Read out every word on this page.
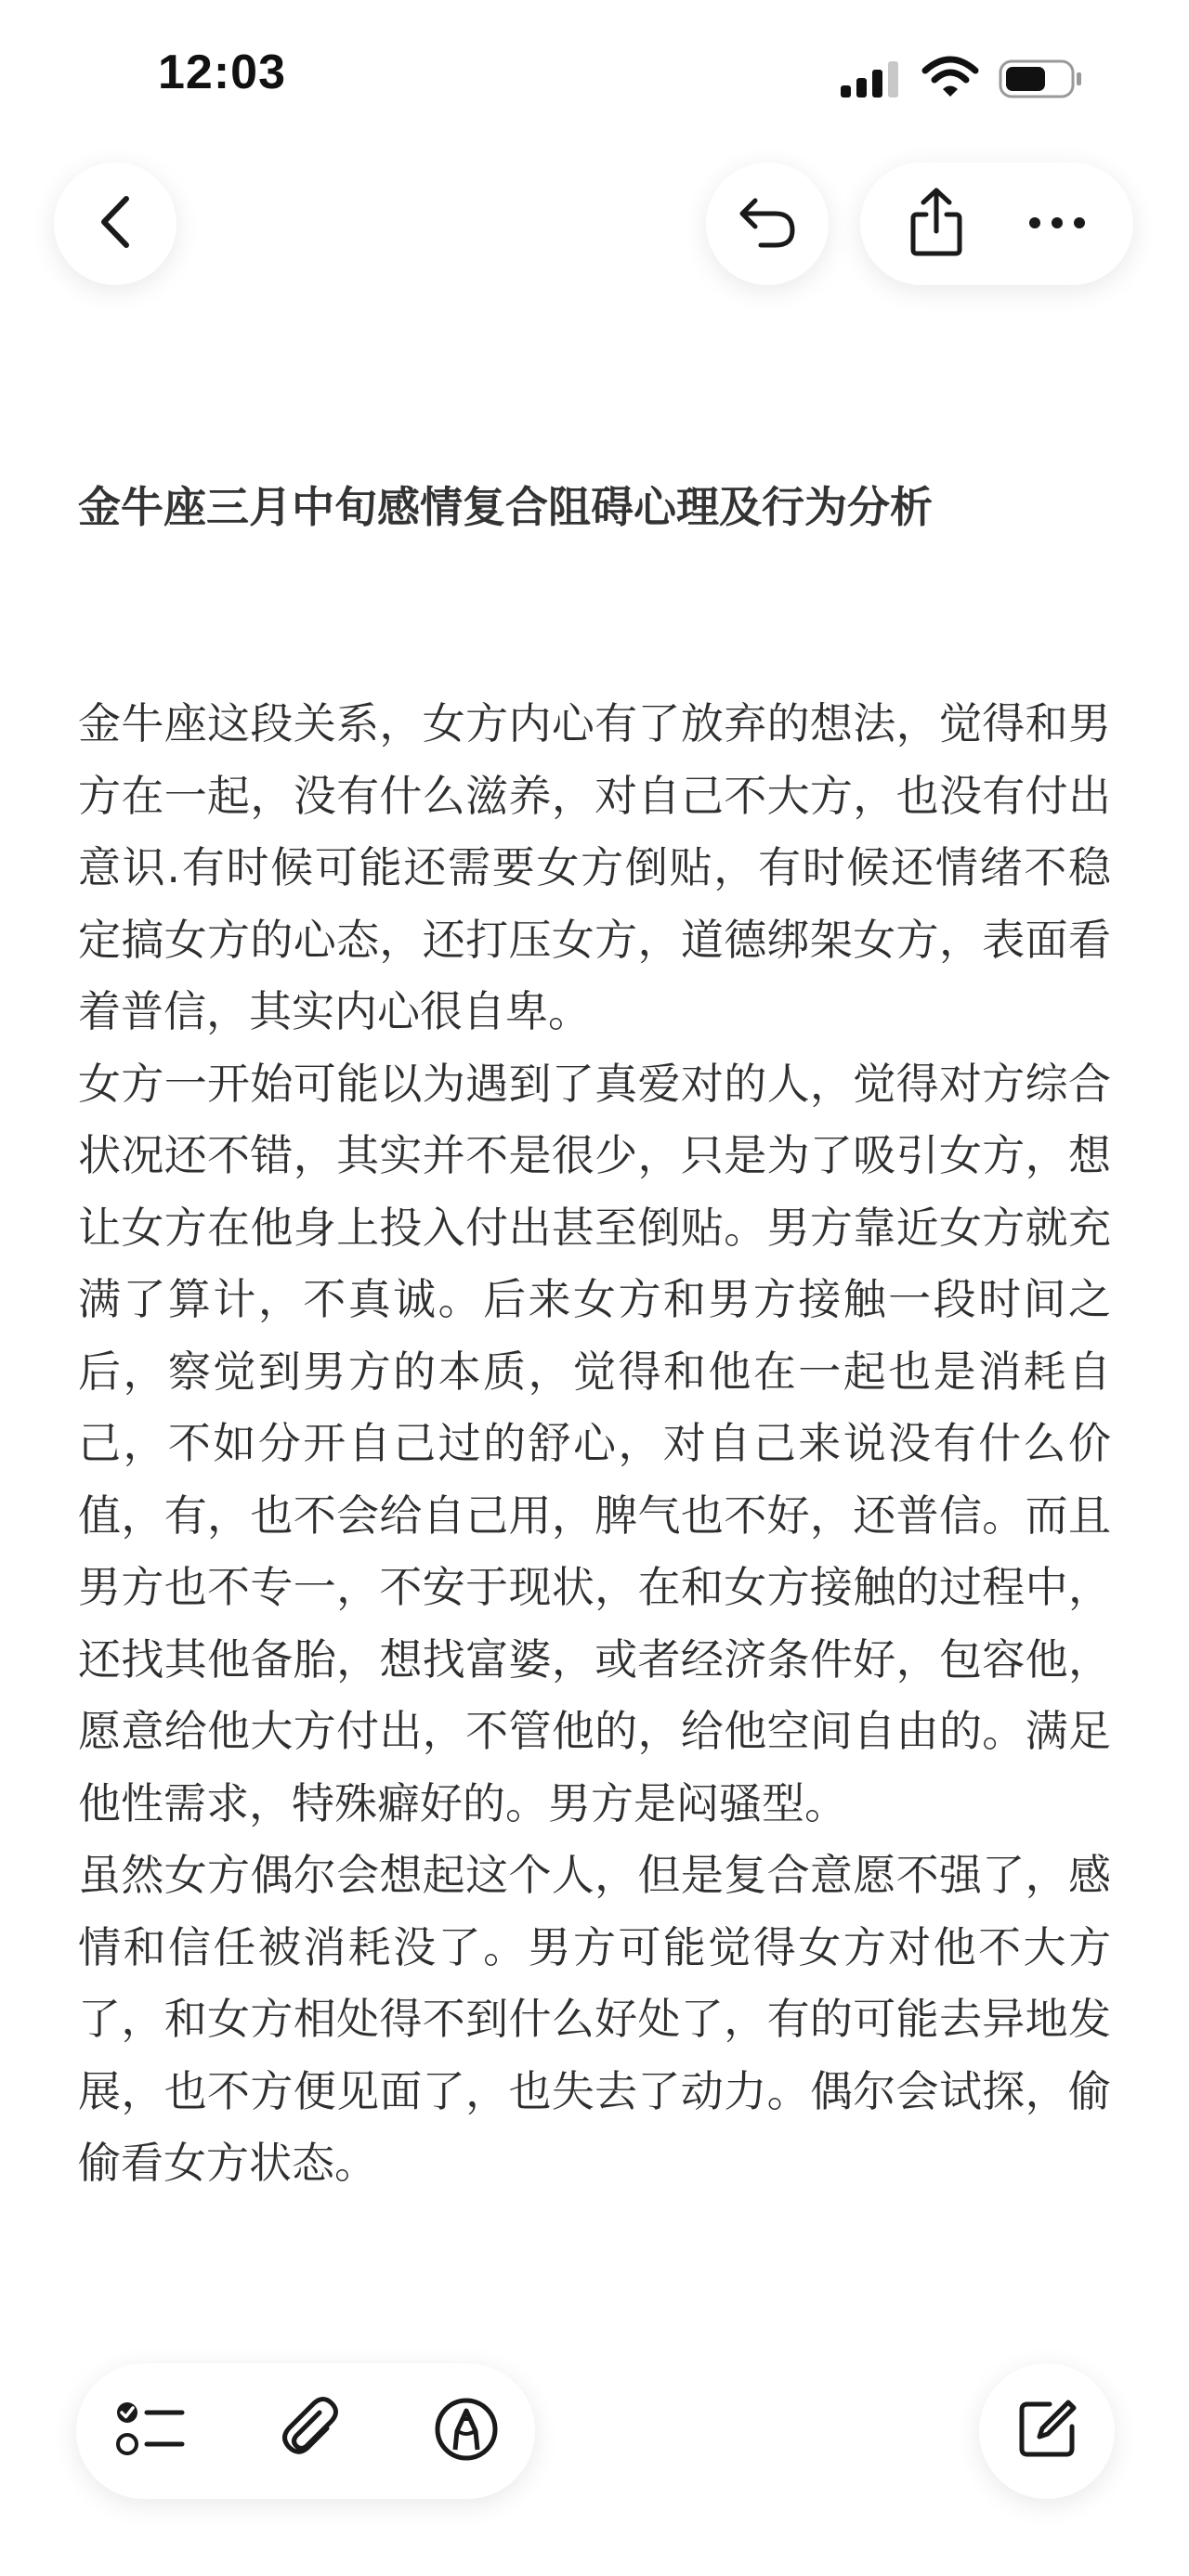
12:03
金牛座三月中旬感情复合阻碍心理及行为分析

金牛座这段关系，女方内心有了放弃的想法，觉得和男方在一起，没有什么滋养，对自己不大方，也没有付出意识.有时候可能还需要女方倒贴，有时候还情绪不稳定搞女方的心态，还打压女方，道德绑架女方，表面看着普信，其实内心很自卑。

女方一开始可能以为遇到了真爱对的人，觉得对方综合状况还不错，其实并不是很少，只是为了吸引女方，想让女方在他身上投入付出甚至倒贴。男方靠近女方就充满了算计，不真诚。后来女方和男方接触一段时间之后，察觉到男方的本质，觉得和他在一起也是消耗自己，不如分开自己过的舒心，对自己来说没有什么价值，有，也不会给自己用，脾气也不好，还普信。而且男方也不专一，不安于现状，在和女方接触的过程中，还找其他备胎，想找富婆，或者经济条件好，包容他，愿意给他大方付出，不管他的，给他空间自由的。满足他性需求，特殊癖好的。男方是闷骚型。

虽然女方偶尔会想起这个人，但是复合意愿不强了，感情和信任被消耗没了。男方可能觉得女方对他不大方了，和女方相处得不到什么好处了，有的可能去异地发展，也不方便见面了，也失去了动力。偶尔会试探，偷偷看女方状态。
